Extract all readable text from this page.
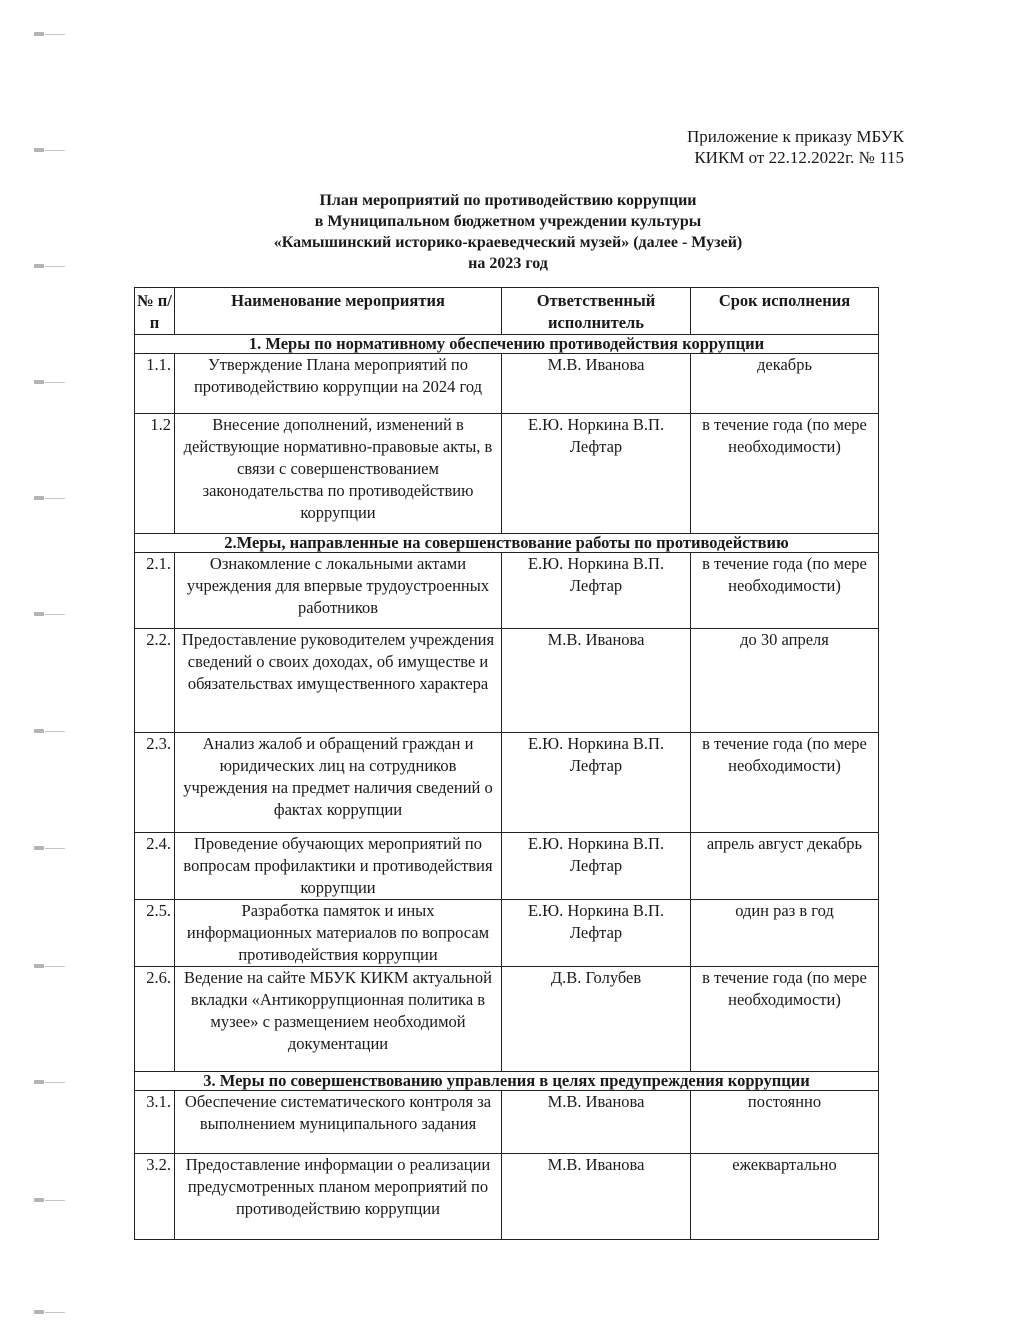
Приложение к приказу МБУК
КИКМ от 22.12.2022г. № 115
План мероприятий по противодействию коррупции
в Муниципальном бюджетном учреждении культуры
«Камышинский историко-краеведческий музей» (далее - Музей)
на 2023 год
№ п/п	Наименование мероприятия	Ответственный исполнитель	Срок исполнения
1. Меры по нормативному обеспечению противодействия коррупции			
1.1.	Утверждение Плана мероприятий по противодействию коррупции на 2024 год	М.В. Иванова	декабрь
1.2	Внесение дополнений, изменений в действующие нормативно-правовые акты, в связи с совершенствованием законодательства по противодействию коррупции	Е.Ю. Норкина В.П. Лефтар	в течение года (по мере необходимости)
2.Меры, направленные на совершенствование работы по противодействию			
2.1.	Ознакомление с локальными актами учреждения для впервые трудоустроенных работников	Е.Ю. Норкина В.П. Лефтар	в течение года (по мере необходимости)
2.2.	Предоставление руководителем учреждения сведений о своих доходах, об имуществе и обязательствах имущественного характера	М.В. Иванова	до 30 апреля
2.3.	Анализ жалоб и обращений граждан и юридических лиц на сотрудников учреждения на предмет наличия сведений о фактах коррупции	Е.Ю. Норкина В.П. Лефтар	в течение года (по мере необходимости)
2.4.	Проведение обучающих мероприятий по вопросам профилактики и противодействия коррупции	Е.Ю. Норкина В.П. Лефтар	апрель август декабрь
2.5.	Разработка памяток и иных информационных материалов по вопросам противодействия коррупции	Е.Ю. Норкина В.П. Лефтар	один раз в год
2.6.	Ведение на сайте МБУК КИКМ актуальной вкладки «Антикоррупционная политика в музее» с размещением необходимой документации	Д.В. Голубев	в течение года (по мере необходимости)
3. Меры по совершенствованию управления в целях предупреждения коррупции			
3.1.	Обеспечение систематического контроля за выполнением муниципального задания	М.В. Иванова	постоянно
3.2.	Предоставление информации о реализации предусмотренных планом мероприятий по противодействию коррупции	М.В. Иванова	ежеквартально
